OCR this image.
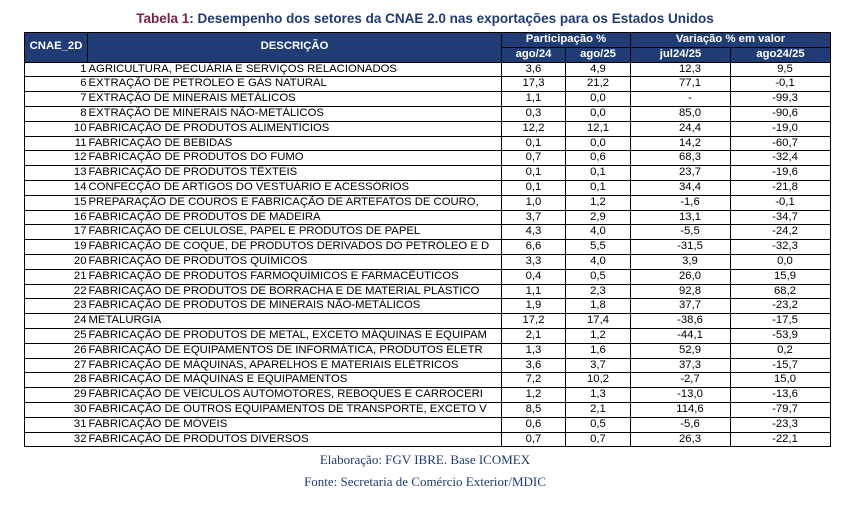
Tabela 1: Desempenho dos setores da CNAE 2.0 nas exportações para os Estados Unidos
CNAE_2D	DESCRIÇÃO	Participação %		Variação % em valor	
		ago/24	ago/25	jul24/25	ago24/25
1	AGRICULTURA, PECUÁRIA E SERVIÇOS RELACIONADOS	3,6	4,9	12,3	9,5
6	EXTRAÇÃO DE PETRÓLEO E GÁS NATURAL	17,3	21,2	77,1	-0,1
7	EXTRAÇÃO DE MINERAIS METÁLICOS	1,1	0,0	-	-99,3
8	EXTRAÇÃO DE MINERAIS NÃO-METÁLICOS	0,3	0,0	85,0	-90,6
10	FABRICAÇÃO DE PRODUTOS ALIMENTÍCIOS	12,2	12,1	24,4	-19,0
11	FABRICAÇÃO DE BEBIDAS	0,1	0,0	14,2	-60,7
12	FABRICAÇÃO DE PRODUTOS DO FUMO	0,7	0,6	68,3	-32,4
13	FABRICAÇÃO DE PRODUTOS TÊXTEIS	0,1	0,1	23,7	-19,6
14	CONFECÇÃO DE ARTIGOS DO VESTUÁRIO E ACESSÓRIOS	0,1	0,1	34,4	-21,8
15	PREPARAÇÃO DE COUROS E FABRICAÇÃO DE ARTEFATOS DE COURO,	1,0	1,2	-1,6	-0,1
16	FABRICAÇÃO DE PRODUTOS DE MADEIRA	3,7	2,9	13,1	-34,7
17	FABRICAÇÃO DE CELULOSE, PAPEL E PRODUTOS DE PAPEL	4,3	4,0	-5,5	-24,2
19	FABRICAÇÃO DE COQUE, DE PRODUTOS DERIVADOS DO PETRÓLEO E D	6,6	5,5	-31,5	-32,3
20	FABRICAÇÃO DE PRODUTOS QUÍMICOS	3,3	4,0	3,9	0,0
21	FABRICAÇÃO DE PRODUTOS FARMOQUÍMICOS E FARMACÊUTICOS	0,4	0,5	26,0	15,9
22	FABRICAÇÃO DE PRODUTOS DE BORRACHA E DE MATERIAL PLÁSTICO	1,1	2,3	92,8	68,2
23	FABRICAÇÃO DE PRODUTOS DE MINERAIS NÃO-METÁLICOS	1,9	1,8	37,7	-23,2
24	METALURGIA	17,2	17,4	-38,6	-17,5
25	FABRICAÇÃO DE PRODUTOS DE METAL, EXCETO MÁQUINAS E EQUIPAM	2,1	1,2	-44,1	-53,9
26	FABRICAÇÃO DE EQUIPAMENTOS DE INFORMÁTICA, PRODUTOS ELETR	1,3	1,6	52,9	0,2
27	FABRICAÇÃO DE MÁQUINAS, APARELHOS E MATERIAIS ELÉTRICOS	3,6	3,7	37,3	-15,7
28	FABRICAÇÃO DE MÁQUINAS E EQUIPAMENTOS	7,2	10,2	-2,7	15,0
29	FABRICAÇÃO DE VEÍCULOS AUTOMOTORES, REBOQUES E CARROCERI	1,2	1,3	-13,0	-13,6
30	FABRICAÇÃO DE OUTROS EQUIPAMENTOS DE TRANSPORTE, EXCETO V	8,5	2,1	114,6	-79,7
31	FABRICAÇÃO DE MÓVEIS	0,6	0,5	-5,6	-23,3
32	FABRICAÇÃO DE PRODUTOS DIVERSOS	0,7	0,7	26,3	-22,1
Elaboração: FGV IBRE. Base ICOMEX
Fonte: Secretaria de Comércio Exterior/MDIC
